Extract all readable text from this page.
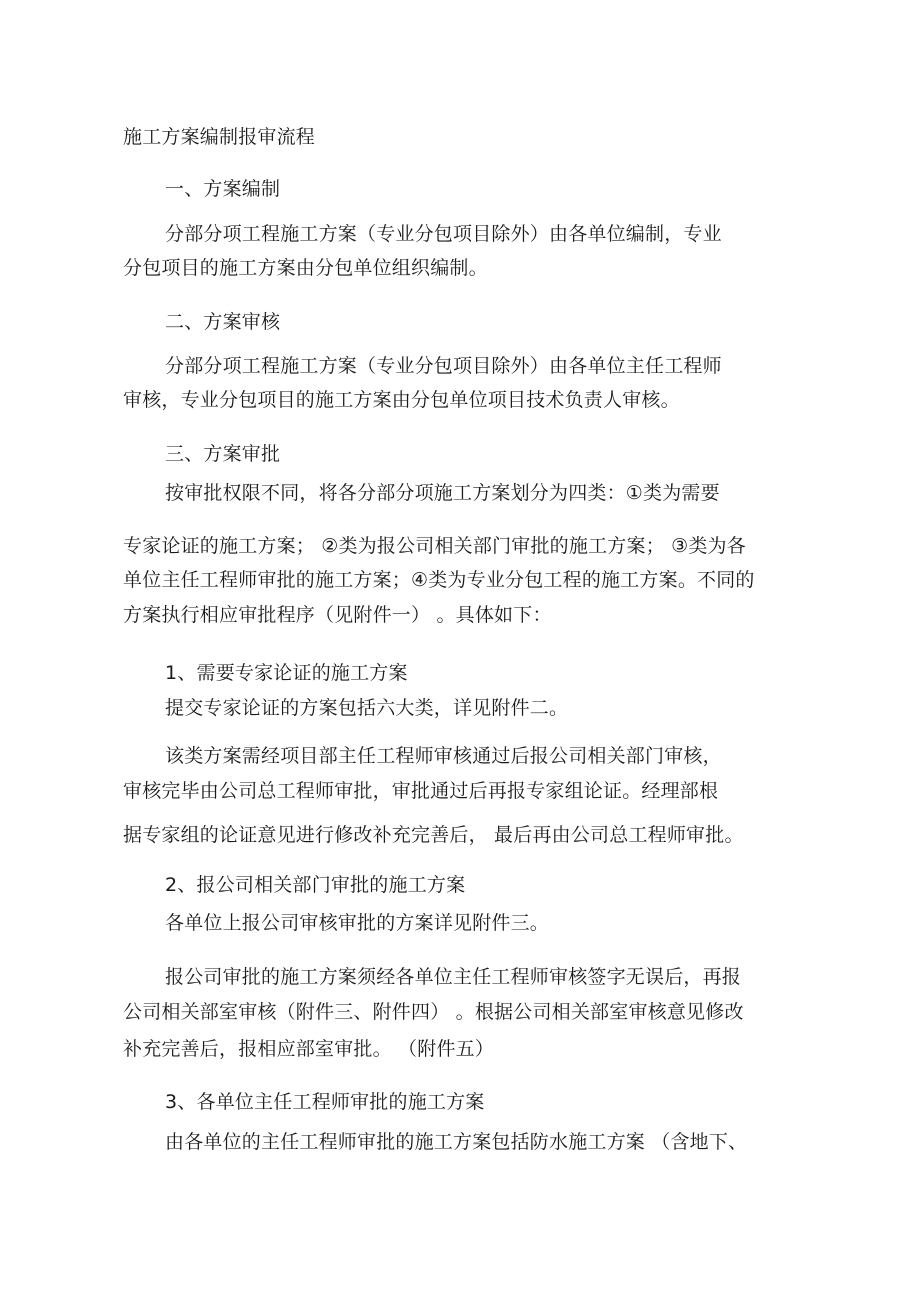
施工方案编制报审流程
一、方案编制
分部分项工程施工方案（专业分包项目除外）由各单位编制，专业
分包项目的施工方案由分包单位组织编制。
二、方案审核
分部分项工程施工方案（专业分包项目除外）由各单位主任工程师
审核，专业分包项目的施工方案由分包单位项目技术负责人审核。
三、方案审批
按审批权限不同，将各分部分项施工方案划分为四类：①类为需要
专家论证的施工方案； ②类为报公司相关部门审批的施工方案； ③类为各
单位主任工程师审批的施工方案；④类为专业分包工程的施工方案。不同的
方案执行相应审批程序（见附件一） 。具体如下：
1、需要专家论证的施工方案
提交专家论证的方案包括六大类，详见附件二。
该类方案需经项目部主任工程师审核通过后报公司相关部门审核，
审核完毕由公司总工程师审批，审批通过后再报专家组论证。经理部根
据专家组的论证意见进行修改补充完善后， 最后再由公司总工程师审批。
2、报公司相关部门审批的施工方案
各单位上报公司审核审批的方案详见附件三。
报公司审批的施工方案须经各单位主任工程师审核签字无误后，再报
公司相关部室审核（附件三、附件四） 。根据公司相关部室审核意见修改
补充完善后，报相应部室审批。 （附件五）
3、各单位主任工程师审批的施工方案
由各单位的主任工程师审批的施工方案包括防水施工方案 （含地下、
